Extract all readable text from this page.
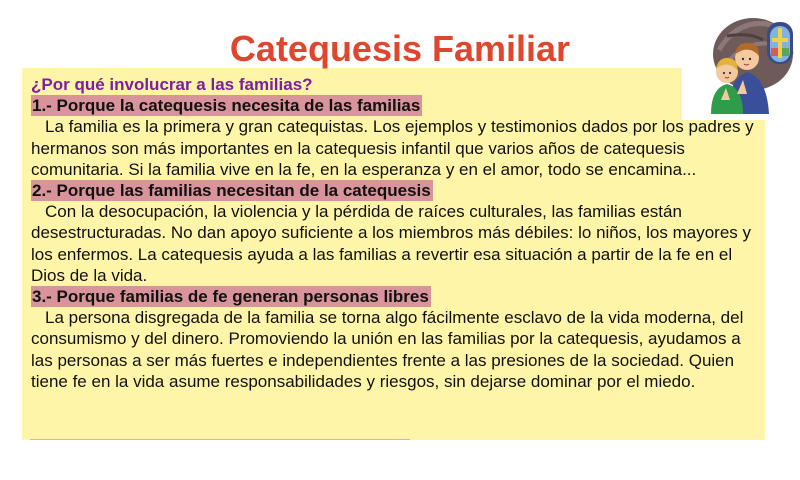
Catequesis Familiar

¿Por qué involucrar a las familias?

1.- Porque la catequesis necesita de las familias

La familia es la primera y gran catequistas. Los ejemplos y testimonios dados por los padres y hermanos son más importantes en la catequesis infantil que varios años de catequesis comunitaria. Si la familia vive en la fe, en la esperanza y en el amor, todo se encamina...

2.- Porque las familias necesitan de la catequesis

Con la desocupación, la violencia y la pérdida de raíces culturales, las familias están desestructuradas. No dan apoyo suficiente a los miembros más débiles: lo niños, los mayores y los enfermos. La catequesis ayuda a las familias a revertir esa situación a partir de la fe en el Dios de la vida.

3.- Porque familias de fe generan personas libres

La persona disgregada de la familia se torna algo fácilmente esclavo de la vida moderna, del consumismo y del dinero. Promoviendo la unión en las familias por la catequesis, ayudamos a las personas a ser más fuertes e independientes frente a las presiones de la sociedad. Quien tiene fe en la vida asume responsabilidades y riesgos, sin dejarse dominar por el miedo.
